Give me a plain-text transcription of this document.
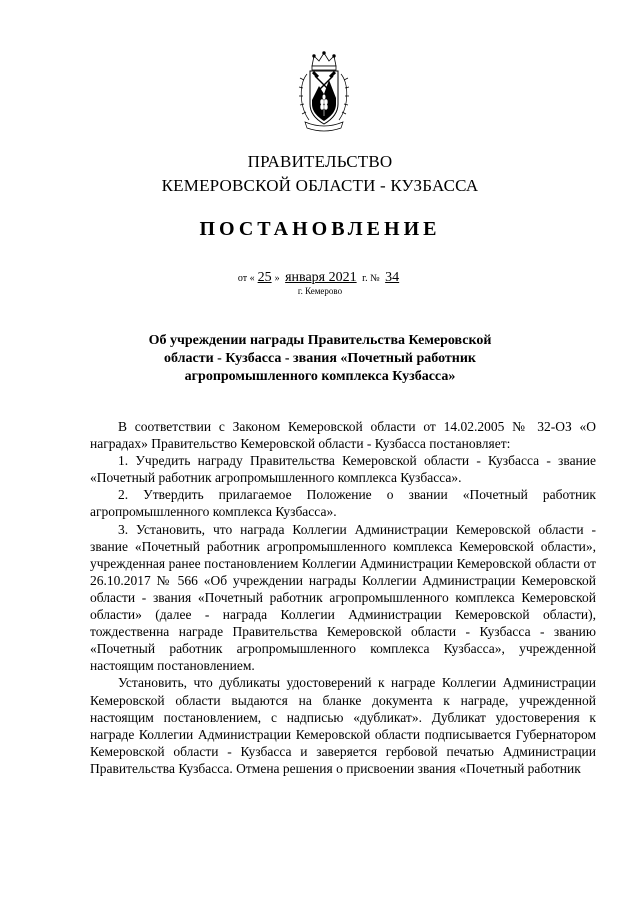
ПРАВИТЕЛЬСТВО
КЕМЕРОВСКОЙ ОБЛАСТИ - КУЗБАССА
ПОСТАНОВЛЕНИЕ
от « 25 » января 2021 г. № 34
г. Кемерово
Об учреждении награды Правительства Кемеровской
области - Кузбасса - звания «Почетный работник
агропромышленного комплекса Кузбасса»

В соответствии с Законом Кемеровской области от 14.02.2005 № 32-ОЗ «О наградах» Правительство Кемеровской области - Кузбасса постановляет:

1. Учредить награду Правительства Кемеровской области - Кузбасса - звание «Почетный работник агропромышленного комплекса Кузбасса».

2. Утвердить прилагаемое Положение о звании «Почетный работник агропромышленного комплекса Кузбасса».

3. Установить, что награда Коллегии Администрации Кемеровской области - звание «Почетный работник агропромышленного комплекса Кемеровской области», учрежденная ранее постановлением Коллегии Администрации Кемеровской области от 26.10.2017 № 566 «Об учреждении награды Коллегии Администрации Кемеровской области - звания «Почетный работник агропромышленного комплекса Кемеровской области» (далее - награда Коллегии Администрации Кемеровской области), тождественна награде Правительства Кемеровской области - Кузбасса - званию «Почетный работник агропромышленного комплекса Кузбасса», учрежденной настоящим постановлением.

Установить, что дубликаты удостоверений к награде Коллегии Администрации Кемеровской области выдаются на бланке документа к награде, учрежденной настоящим постановлением, с надписью «дубликат». Дубликат удостоверения к награде Коллегии Администрации Кемеровской области подписывается Губернатором Кемеровской области - Кузбасса и заверяется гербовой печатью Администрации Правительства Кузбасса. Отмена решения о присвоении звания «Почетный работник
